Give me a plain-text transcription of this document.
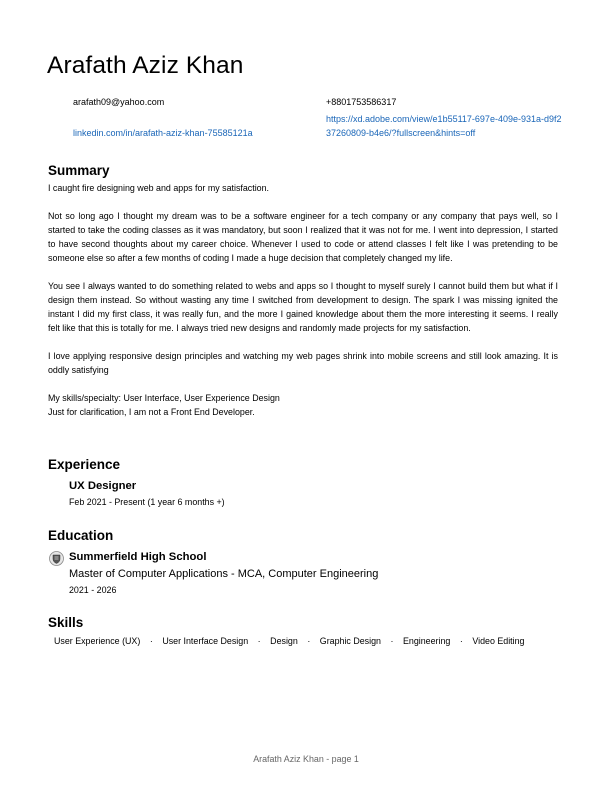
Arafath Aziz Khan
arafath09@yahoo.com	+8801753586317
linkedin.com/in/arafath-aziz-khan-75585121a
https://xd.adobe.com/view/e1b55117-697e-409e-931a-d9f237260809-b4e6/?fullscreen&hints=off
Summary

I caught fire designing web and apps for my satisfaction.

Not so long ago I thought my dream was to be a software engineer for a tech company or any company that pays well, so I started to take the coding classes as it was mandatory, but soon I realized that it was not for me. I went into depression, I started to have second thoughts about my career choice. Whenever I used to code or attend classes I felt like I was pretending to be someone else so after a few months of coding I made a huge decision that completely changed my life.

You see I always wanted to do something related to webs and apps so I thought to myself surely I cannot build them but what if I design them instead. So without wasting any time I switched from development to design. The spark I was missing ignited the instant I did my first class, it was really fun, and the more I gained knowledge about them the more interesting it seems. I really felt like that this is totally for me. I always tried new designs and randomly made projects for my satisfaction.

I love applying responsive design principles and watching my web pages shrink into mobile screens and still look amazing. It is oddly satisfying

My skills/specialty: User Interface, User Experience Design

Just for clarification, I am not a Front End Developer.

Experience
UX Designer
Feb 2021 - Present (1 year 6 months +)
Education
Summerfield High School
Master of Computer Applications - MCA, Computer Engineering
2021 - 2026
Skills
User Experience (UX) · User Interface Design · Design · Graphic Design · Engineering · Video Editing
Arafath Aziz Khan - page 1
